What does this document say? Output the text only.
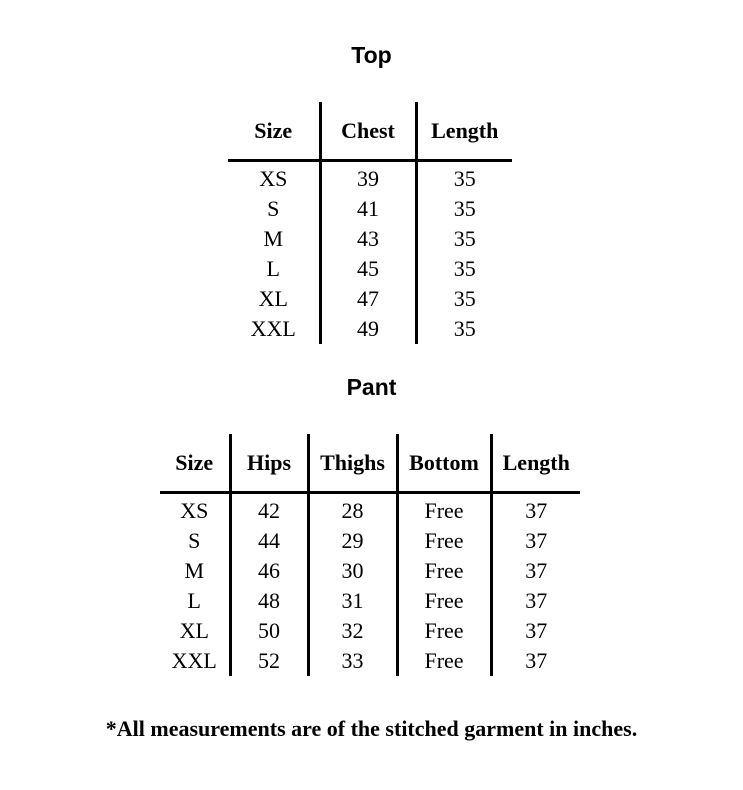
Top
Size	Chest	Length
XS	39	35
S	41	35
M	43	35
L	45	35
XL	47	35
XXL	49	35
Pant
Size	Hips	Thighs	Bottom	Length
XS	42	28	Free	37
S	44	29	Free	37
M	46	30	Free	37
L	48	31	Free	37
XL	50	32	Free	37
XXL	52	33	Free	37
*All measurements are of the stitched garment in inches.
